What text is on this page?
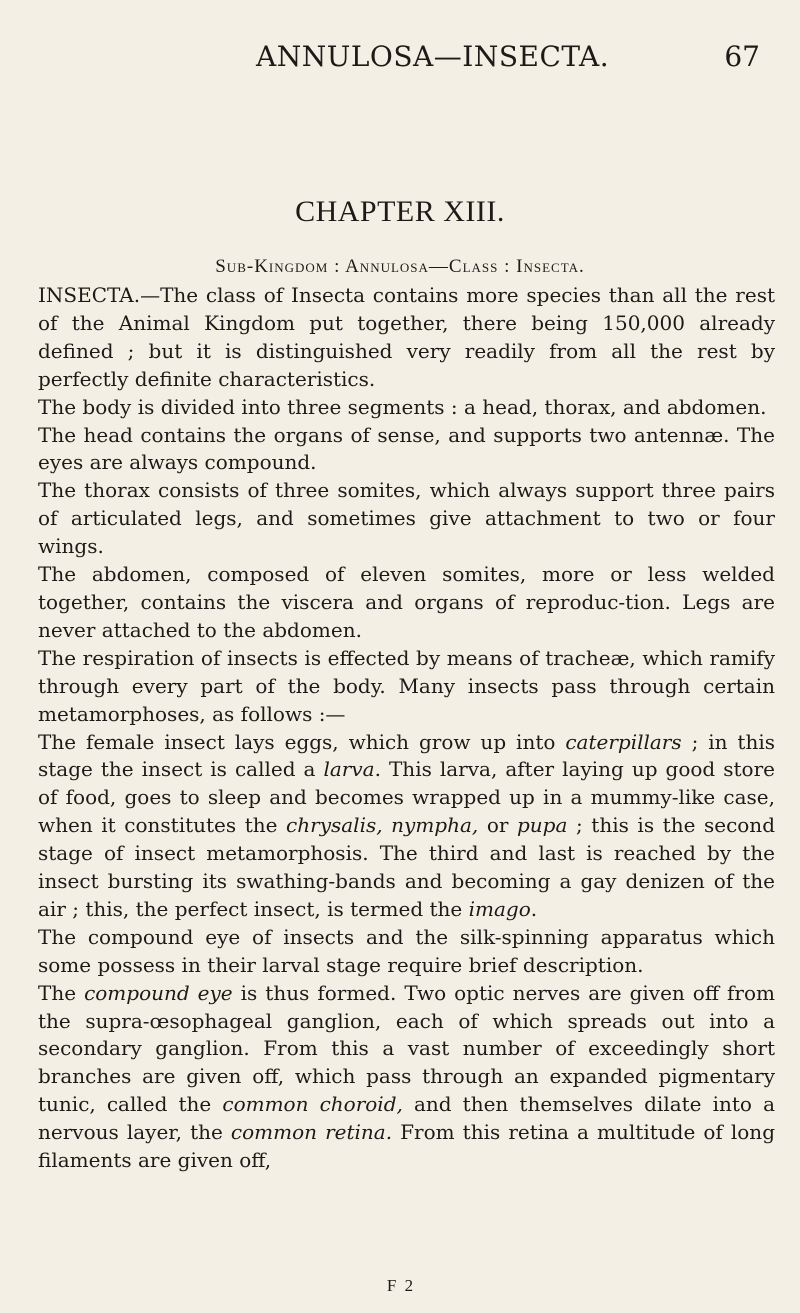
ANNULOSA—INSECTA.	67
CHAPTER XIII.
Sub-Kingdom : Annulosa—Class : Insecta.

INSECTA.—The class of Insecta contains more species than all the rest of the Animal Kingdom put together, there being 150,000 already defined ; but it is distinguished very readily from all the rest by perfectly definite characteristics.

The body is divided into three segments : a head, thorax, and abdomen.

The head contains the organs of sense, and supports two antennæ. The eyes are always compound.

The thorax consists of three somites, which always support three pairs of articulated legs, and sometimes give attachment to two or four wings.

The abdomen, composed of eleven somites, more or less welded together, contains the viscera and organs of reproduc-tion. Legs are never attached to the abdomen.

The respiration of insects is effected by means of tracheæ, which ramify through every part of the body. Many insects pass through certain metamorphoses, as follows :—

The female insect lays eggs, which grow up into caterpillars ; in this stage the insect is called a larva. This larva, after laying up good store of food, goes to sleep and becomes wrapped up in a mummy-like case, when it constitutes the chrysalis, nympha, or pupa ; this is the second stage of insect metamorphosis. The third and last is reached by the insect bursting its swathing-bands and becoming a gay denizen of the air ; this, the perfect insect, is termed the imago.

The compound eye of insects and the silk-spinning apparatus which some possess in their larval stage require brief description.

The compound eye is thus formed. Two optic nerves are given off from the supra-œsophageal ganglion, each of which spreads out into a secondary ganglion. From this a vast number of exceedingly short branches are given off, which pass through an expanded pigmentary tunic, called the common choroid, and then themselves dilate into a nervous layer, the common retina. From this retina a multitude of long filaments are given off,

F 2
